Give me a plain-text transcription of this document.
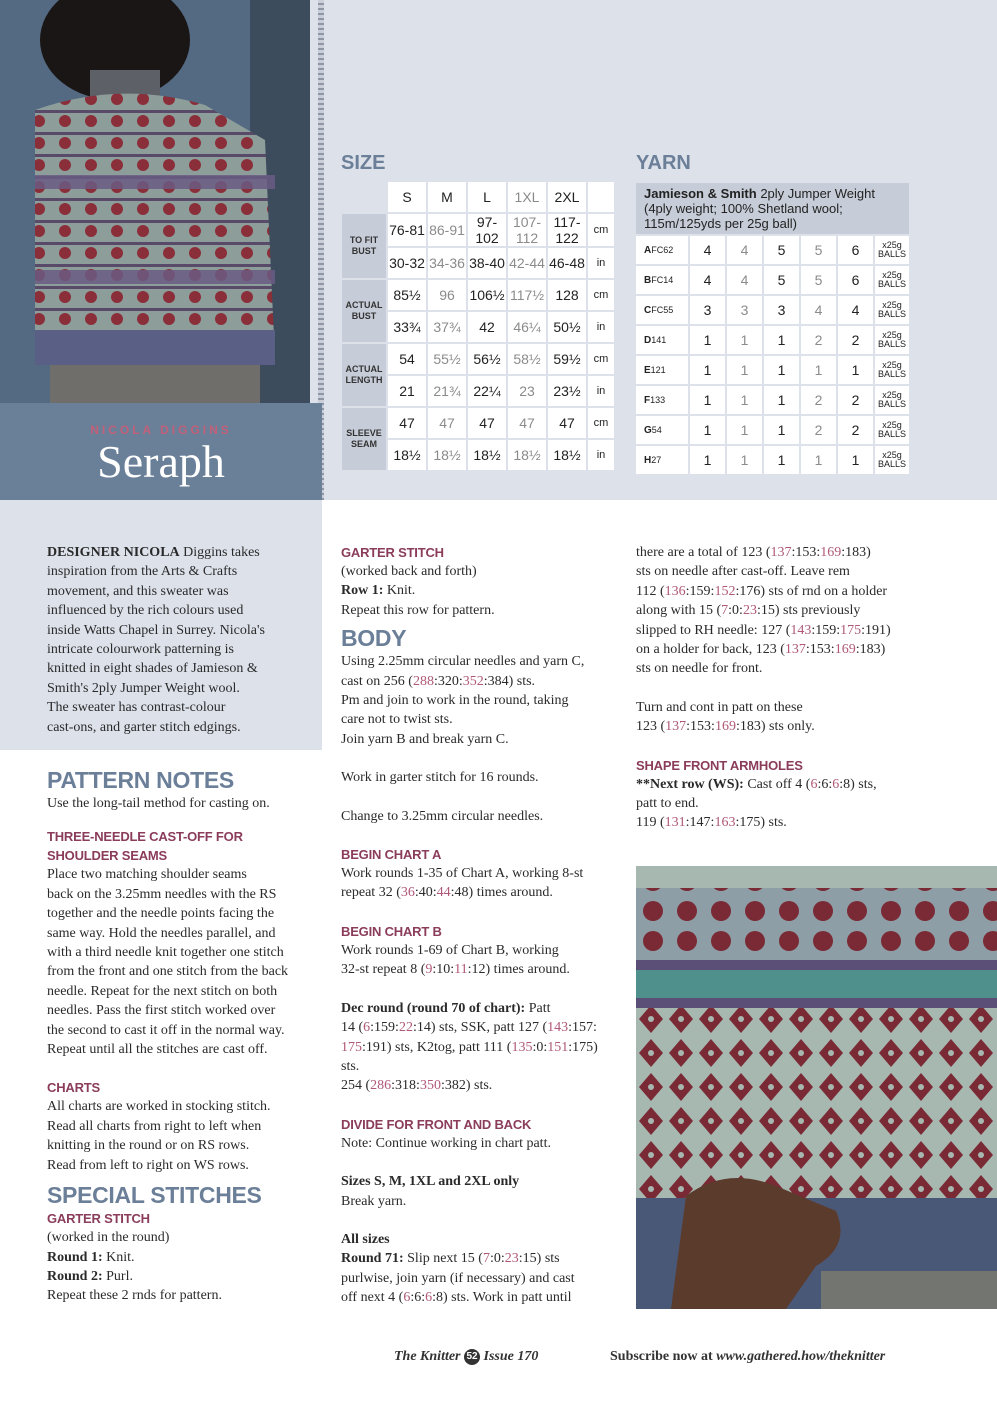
NICOLA DIGGINS
Seraph
SIZE
	S	M	L	1XL	2XL	
TO FIT BUST	76-81	86-91	97-102	107-112	117-122	cm
	30-32	34-36	38-40	42-44	46-48	in
ACTUAL BUST	85½	96	106½	117½	128	cm
	33¾	37¾	42	46¼	50½	in
ACTUAL LENGTH	54	55½	56½	58½	59½	cm
	21	21¾	22¼	23	23½	in
SLEEVE SEAM	47	47	47	47	47	cm
	18½	18½	18½	18½	18½	in
YARN
Jamieson & Smith 2ply Jumper Weight (4ply weight; 100% Shetland wool; 115m/125yds per 25g ball)						
AFC62	4	4	5	5	6	x25g
BALLS

BFC14	4	4	5	5	6	x25g
BALLS

CFC55	3	3	3	4	4	x25g
BALLS

D141	1	1	1	2	2	x25g
BALLS

E121	1	1	1	1	1	x25g
BALLS

F133	1	1	1	2	2	x25g
BALLS

G54	1	1	1	2	2	x25g
BALLS

H27	1	1	1	1	1	x25g
BALLS

DESIGNER NICOLA Diggins takes

inspiration from the Arts & Crafts

movement, and this sweater was

influenced by the rich colours used

inside Watts Chapel in Surrey. Nicola's

intricate colourwork patterning is

knitted in eight shades of Jamieson &

Smith's 2ply Jumper Weight wool.

The sweater has contrast-colour

cast-ons, and garter stitch edgings.

PATTERN NOTES

Use the long-tail method for casting on.

THREE-NEEDLE CAST-OFF FOR
SHOULDER SEAMS

Place two matching shoulder seams

back on the 3.25mm needles with the RS

together and the needle points facing the

same way. Hold the needles parallel, and

with a third needle knit together one stitch

from the front and one stitch from the back

needle. Repeat for the next stitch on both

needles. Pass the first stitch worked over

the second to cast it off in the normal way.

Repeat until all the stitches are cast off.

CHARTS

All charts are worked in stocking stitch.

Read all charts from right to left when

knitting in the round or on RS rows.

Read from left to right on WS rows.

SPECIAL STITCHES
GARTER STITCH

(worked in the round)

Round 1: Knit.

Round 2: Purl.

Repeat these 2 rnds for pattern.

GARTER STITCH

(worked back and forth)

Row 1: Knit.

Repeat this row for pattern.

BODY

Using 2.25mm circular needles and yarn C,

cast on 256 (288:320:352:384) sts.

Pm and join to work in the round, taking

care not to twist sts.

Join yarn B and break yarn C.

Work in garter stitch for 16 rounds.

Change to 3.25mm circular needles.

BEGIN CHART A

Work rounds 1-35 of Chart A, working 8-st

repeat 32 (36:40:44:48) times around.

BEGIN CHART B

Work rounds 1-69 of Chart B, working

32-st repeat 8 (9:10:11:12) times around.

Dec round (round 70 of chart): Patt

14 (6:159:22:14) sts, SSK, patt 127 (143:157:

175:191) sts, K2tog, patt 111 (135:0:151:175)

sts.

254 (286:318:350:382) sts.

DIVIDE FOR FRONT AND BACK

Note: Continue working in chart patt.

Sizes S, M, 1XL and 2XL only

Break yarn.

All sizes

Round 71: Slip next 15 (7:0:23:15) sts

purlwise, join yarn (if necessary) and cast

off next 4 (6:6:6:8) sts. Work in patt until

there are a total of 123 (137:153:169:183)

sts on needle after cast-off. Leave rem

112 (136:159:152:176) sts of rnd on a holder

along with 15 (7:0:23:15) sts previously

slipped to RH needle: 127 (143:159:175:191)

on a holder for back, 123 (137:153:169:183)

sts on needle for front.

Turn and cont in patt on these

123 (137:153:169:183) sts only.

SHAPE FRONT ARMHOLES

**Next row (WS): Cast off 4 (6:6:6:8) sts,

patt to end.

119 (131:147:163:175) sts.

The Knitter 52 Issue 170	Subscribe now at www.gathered.how/theknitter
